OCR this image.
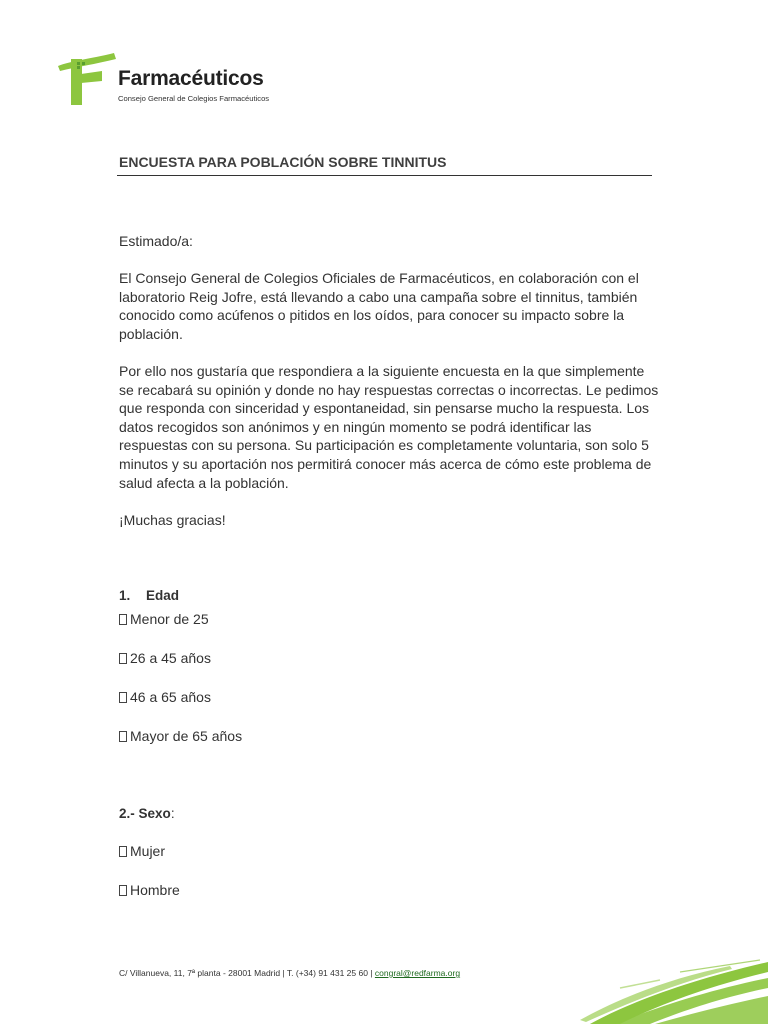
Farmacéuticos
Consejo General de Colegios Farmacéuticos
ENCUESTA PARA POBLACIÓN SOBRE TINNITUS
Estimado/a:
El Consejo General de Colegios Oficiales de Farmacéuticos, en colaboración con el laboratorio Reig Jofre, está llevando a cabo una campaña sobre el tinnitus, también conocido como acúfenos o pitidos en los oídos, para conocer su impacto sobre la población.
Por ello nos gustaría que respondiera a la siguiente encuesta en la que simplemente se recabará su opinión y donde no hay respuestas correctas o incorrectas. Le pedimos que responda con sinceridad y espontaneidad, sin pensarse mucho la respuesta. Los datos recogidos son anónimos y en ningún momento se podrá identificar las respuestas con su persona. Su participación es completamente voluntaria, son solo 5 minutos y su aportación nos permitirá conocer más acerca de cómo este problema de salud afecta a la población.
¡Muchas gracias!
1. Edad
Menor de 25
26 a 45 años
46 a 65 años
Mayor de 65 años
2.- Sexo:
Mujer
Hombre
C/ Villanueva, 11, 7ª planta - 28001 Madrid | T. (+34) 91 431 25 60 | congral@redfarma.org
